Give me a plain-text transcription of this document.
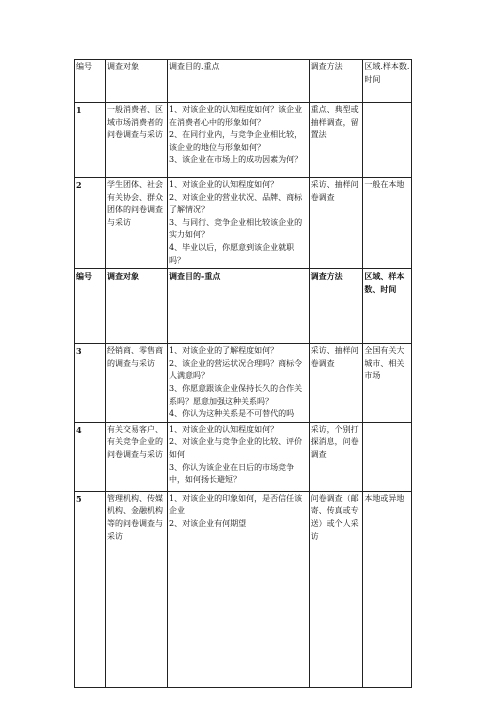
编号	调查对象	调查目的.重点	调查方法	区域.样本数.时间
1	一般消费者、区域市场消费者的问卷调查与采访	1、对该企业的认知程度如何？该企业在消费者心中的形象如何？
2、在同行业内，与竞争企业相比较，该企业的地位与形象如何？
3、该企业在市场上的成功因素为何？	重点、典型或抽样调查，留置法	
2	学生团体、社会有关协会、群众团体的问卷调查与采访	1、对该企业的认知程度如何？
2、对该企业的营业状况、品牌、商标了解情况？
3、与同行、竞争企业相比较该企业的实力如何？
4、毕业以后，你愿意到该企业就职吗？	采访、抽样问卷调查	一般在本地
编号	调查对象	调查目的-重点	调查方法	区域、样本数、时间
3	经销商、零售商的调查与采访	1、对该企业的了解程度如何？
2、该企业的营运状况合理吗？商标令人满意吗？
3、你愿意跟该企业保持长久的合作关系吗？愿意加强这种关系吗？
4、你认为这种关系是不可替代的吗	采访、抽样问卷调查	全国有关大城市、相关市场
4	有关交易客户、有关竞争企业的问卷调查与采访	1、对该企业的认知程度如何？
2、对该企业与竞争企业的比较、评价如何
3、你认为该企业在日后的市场竞争中，如何扬长避短？	采访，个别打探消息，问卷调查	
5	管理机构、传媒机构、金融机构等的问卷调查与采访	1、对该企业的印象如何，是否信任该企业
2、对该企业有何期望	问卷调查（邮寄、传真或专送）或个人采访	本地或异地
